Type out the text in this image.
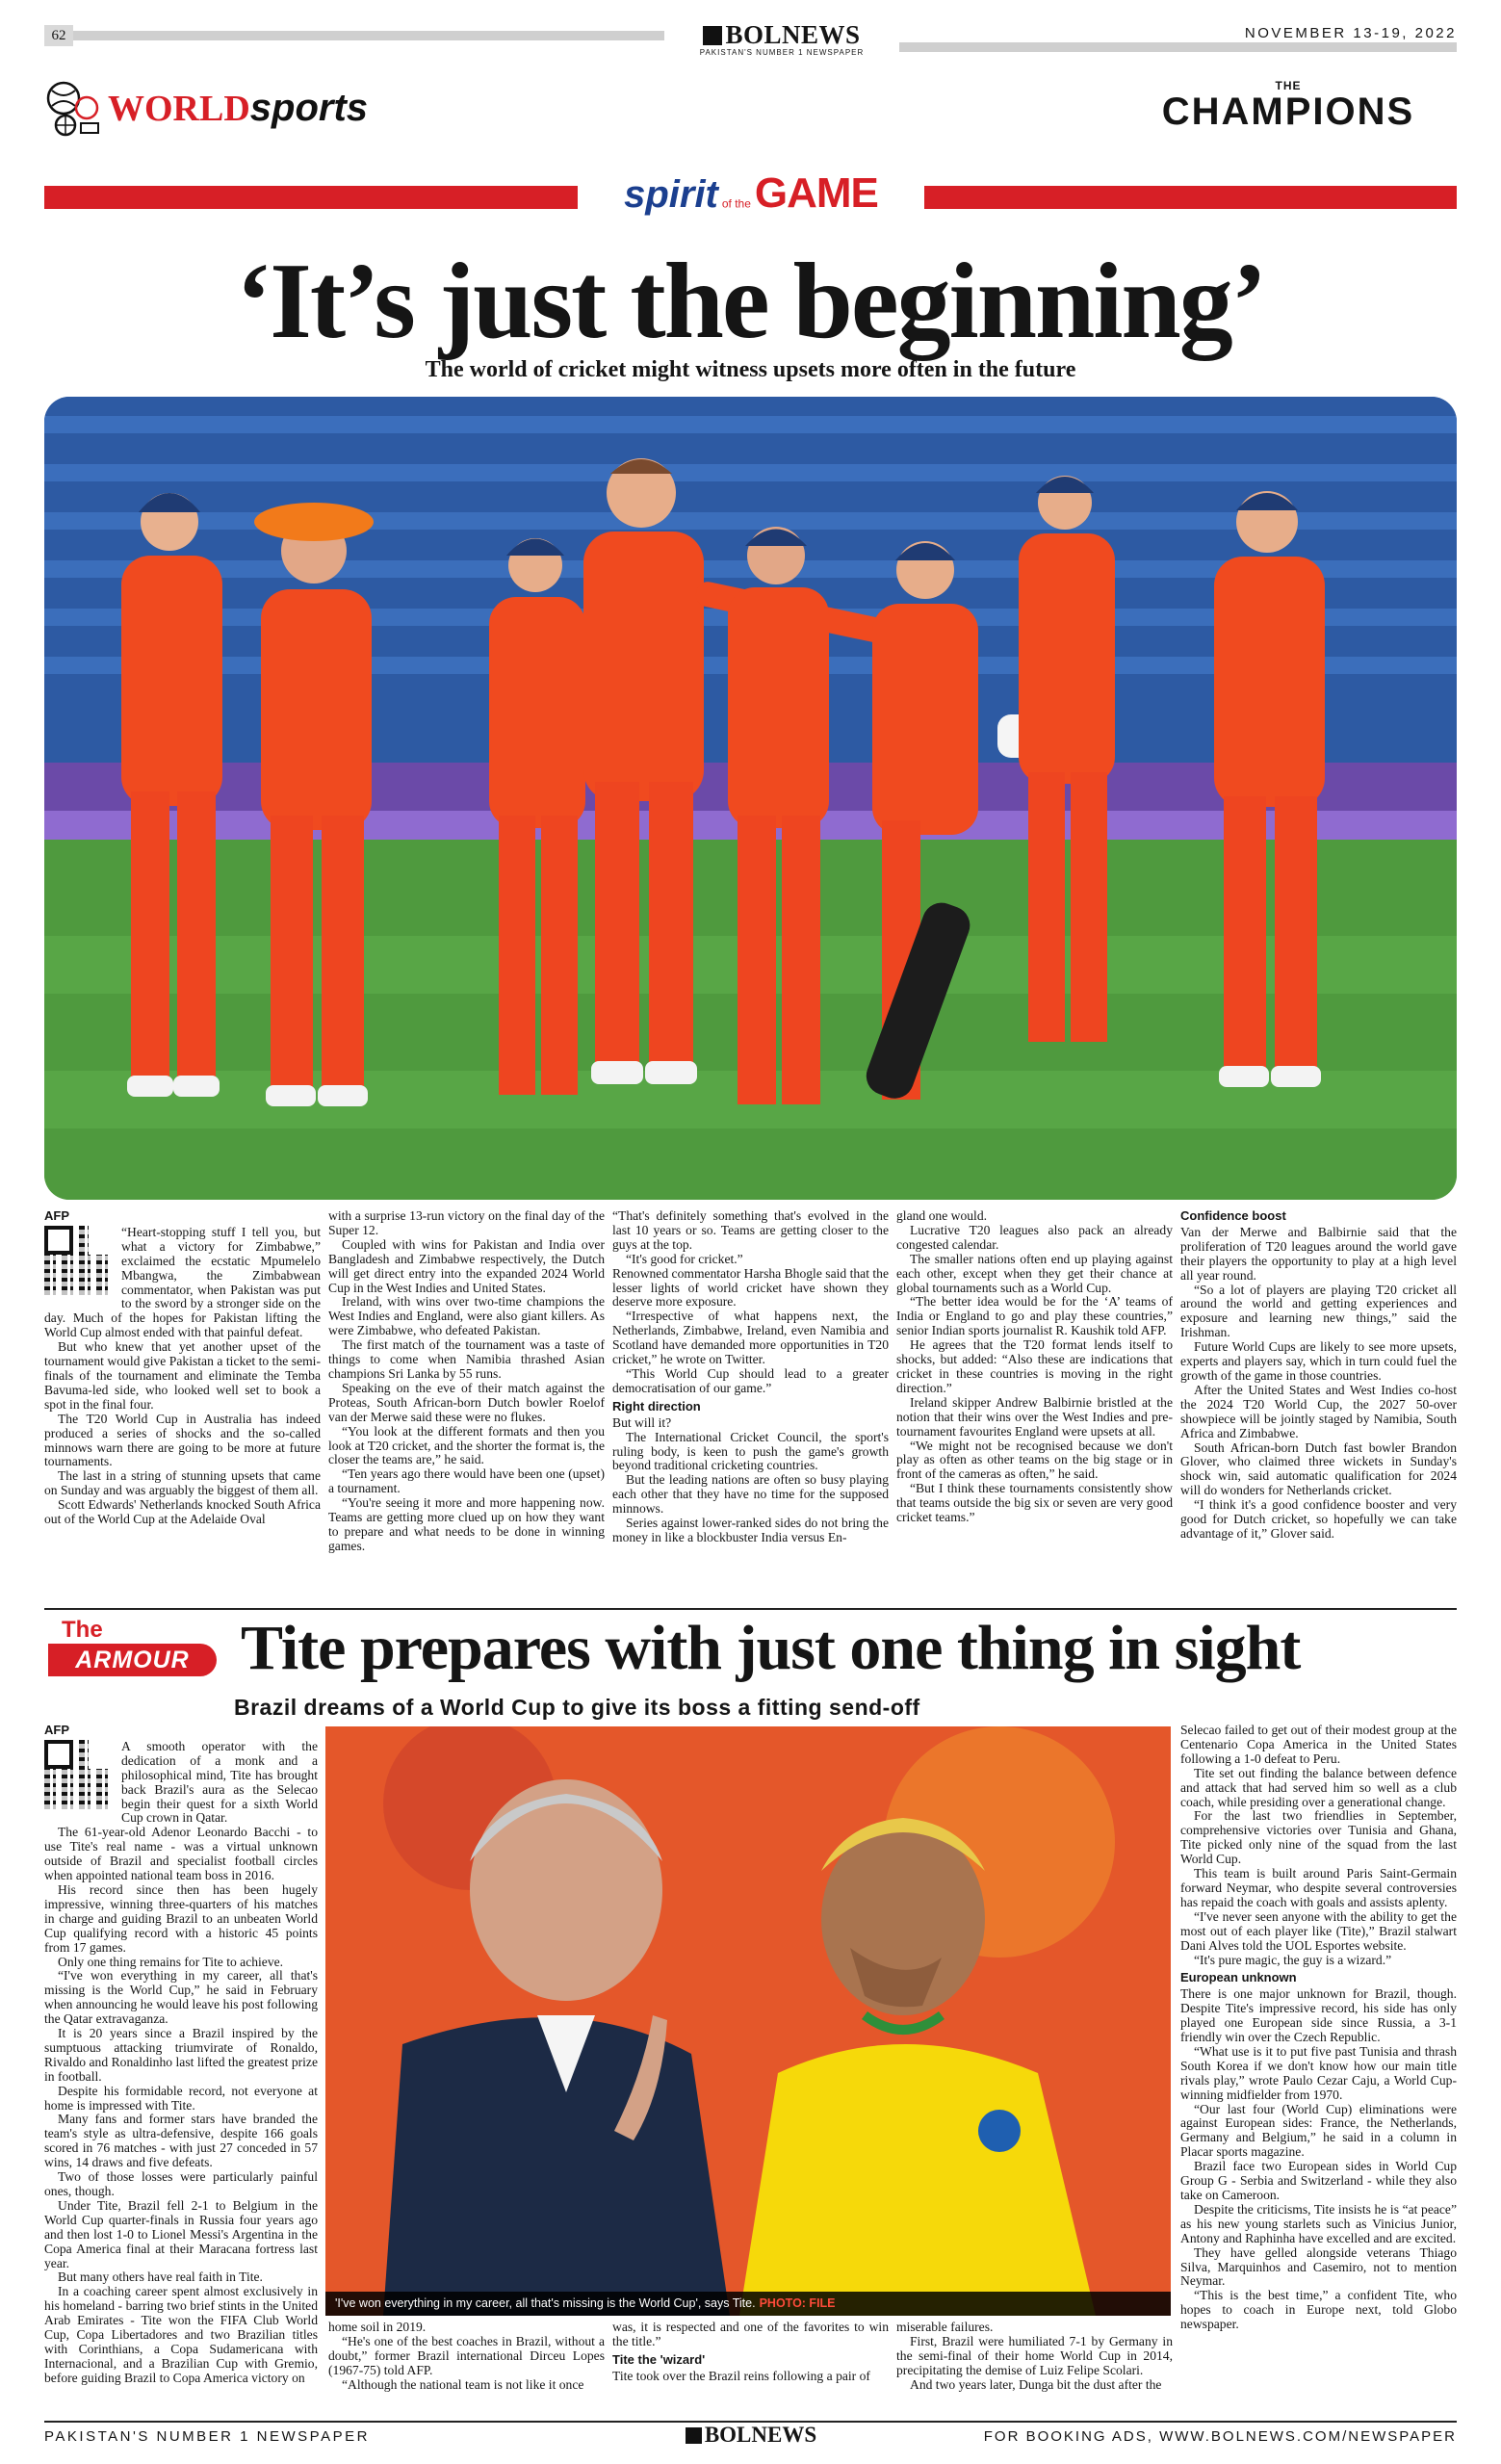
62	BOLNEWS
PAKISTAN'S NUMBER 1 NEWSPAPER
NOVEMBER 13-19, 2022
WORLDsports
THE
CHAMPIONS
spirit of the GAME
‘It’s just the beginning’
The world of cricket might witness upsets more often in the future
AFP

“Heart-stopping stuff I tell you, but what a victory for Zimbabwe,” exclaimed the ecstatic Mpumelelo Mbangwa, the Zimbabwean commentator, when Pakistan was put to the sword by a stronger side on the day. Much of the hopes for Pakistan lifting the World Cup almost ended with that painful defeat.

But who knew that yet another upset of the tournament would give Pakistan a ticket to the semi-finals of the tournament and eliminate the Temba Bavuma-led side, who looked well set to book a spot in the final four.

The T20 World Cup in Australia has indeed produced a series of shocks and the so-called minnows warn there are going to be more at future tournaments.

The last in a string of stunning upsets that came on Sunday and was arguably the biggest of them all.

Scott Edwards' Netherlands knocked South Africa out of the World Cup at the Adelaide Oval

with a surprise 13-run victory on the final day of the Super 12.

Coupled with wins for Pakistan and India over Bangladesh and Zimbabwe respectively, the Dutch will get direct entry into the expanded 2024 World Cup in the West Indies and United States.

Ireland, with wins over two-time champions the West Indies and England, were also giant killers. As were Zimbabwe, who defeated Pakistan.

The first match of the tournament was a taste of things to come when Namibia thrashed Asian champions Sri Lanka by 55 runs.

Speaking on the eve of their match against the Proteas, South African-born Dutch bowler Roelof van der Merwe said these were no flukes.

“You look at the different formats and then you look at T20 cricket, and the shorter the format is, the closer the teams are,” he said.

“Ten years ago there would have been one (upset) a tournament.

“You're seeing it more and more happening now. Teams are getting more clued up on how they want to prepare and what needs to be done in winning games.

“That's definitely something that's evolved in the last 10 years or so. Teams are getting closer to the guys at the top.

“It's good for cricket.”

Renowned commentator Harsha Bhogle said that the lesser lights of world cricket have shown they deserve more exposure.

“Irrespective of what happens next, the Netherlands, Zimbabwe, Ireland, even Namibia and Scotland have demanded more opportunities in T20 cricket,” he wrote on Twitter.

“This World Cup should lead to a greater democratisation of our game.”

Right direction

But will it?

The International Cricket Council, the sport's ruling body, is keen to push the game's growth beyond traditional cricketing countries.

But the leading nations are often so busy playing each other that they have no time for the supposed minnows.

Series against lower-ranked sides do not bring the money in like a blockbuster India versus En-

gland one would.

Lucrative T20 leagues also pack an already congested calendar.

The smaller nations often end up playing against each other, except when they get their chance at global tournaments such as a World Cup.

“The better idea would be for the ‘A’ teams of India or England to go and play these countries,” senior Indian sports journalist R. Kaushik told AFP.

He agrees that the T20 format lends itself to shocks, but added: “Also these are indications that cricket in these countries is moving in the right direction.”

Ireland skipper Andrew Balbirnie bristled at the notion that their wins over the West Indies and pre-tournament favourites England were upsets at all.

“We might not be recognised because we don't play as often as other teams on the big stage or in front of the cameras as often,” he said.

“But I think these tournaments consistently show that teams outside the big six or seven are very good cricket teams.”

Confidence boost

Van der Merwe and Balbirnie said that the proliferation of T20 leagues around the world gave their players the opportunity to play at a high level all year round.

“So a lot of players are playing T20 cricket all around the world and getting experiences and exposure and learning new things,” said the Irishman.

Future World Cups are likely to see more upsets, experts and players say, which in turn could fuel the growth of the game in those countries.

After the United States and West Indies co-host the 2024 T20 World Cup, the 2027 50-over showpiece will be jointly staged by Namibia, South Africa and Zimbabwe.

South African-born Dutch fast bowler Brandon Glover, who claimed three wickets in Sunday's shock win, said automatic qualification for 2024 will do wonders for Netherlands cricket.

“I think it's a good confidence booster and very good for Dutch cricket, so hopefully we can take advantage of it,” Glover said.

The
ARMOUR Tite prepares with just one thing in sight
Brazil dreams of a World Cup to give its boss a fitting send-off
'I've won everything in my career, all that's missing is the World Cup', says Tite. PHOTO: FILE
AFP

A smooth operator with the dedication of a monk and a philosophical mind, Tite has brought back Brazil's aura as the Selecao begin their quest for a sixth World Cup crown in Qatar.

The 61-year-old Adenor Leonardo Bacchi - to use Tite's real name - was a virtual unknown outside of Brazil and specialist football circles when appointed national team boss in 2016.

His record since then has been hugely impressive, winning three-quarters of his matches in charge and guiding Brazil to an unbeaten World Cup qualifying record with a historic 45 points from 17 games.

Only one thing remains for Tite to achieve.

“I've won everything in my career, all that's missing is the World Cup,” he said in February when announcing he would leave his post following the Qatar extravaganza.

It is 20 years since a Brazil inspired by the sumptuous attacking triumvirate of Ronaldo, Rivaldo and Ronaldinho last lifted the greatest prize in football.

Despite his formidable record, not everyone at home is impressed with Tite.

Many fans and former stars have branded the team's style as ultra-defensive, despite 166 goals scored in 76 matches - with just 27 conceded in 57 wins, 14 draws and five defeats.

Two of those losses were particularly painful ones, though.

Under Tite, Brazil fell 2-1 to Belgium in the World Cup quarter-finals in Russia four years ago and then lost 1-0 to Lionel Messi's Argentina in the Copa America final at their Maracana fortress last year.

But many others have real faith in Tite.

In a coaching career spent almost exclusively in his homeland - barring two brief stints in the United Arab Emirates - Tite won the FIFA Club World Cup, Copa Libertadores and two Brazilian titles with Corinthians, a Copa Sudamericana with Internacional, and a Brazilian Cup with Gremio, before guiding Brazil to Copa America victory on

home soil in 2019.

“He's one of the best coaches in Brazil, without a doubt,” former Brazil international Dirceu Lopes (1967-75) told AFP.

“Although the national team is not like it once

was, it is respected and one of the favorites to win the title.”

Tite the 'wizard'

Tite took over the Brazil reins following a pair of

miserable failures.

First, Brazil were humiliated 7-1 by Germany in the semi-final of their home World Cup in 2014, precipitating the demise of Luiz Felipe Scolari.

And two years later, Dunga bit the dust after the

Selecao failed to get out of their modest group at the Centenario Copa America in the United States following a 1-0 defeat to Peru.

Tite set out finding the balance between defence and attack that had served him so well as a club coach, while presiding over a generational change.

For the last two friendlies in September, comprehensive victories over Tunisia and Ghana, Tite picked only nine of the squad from the last World Cup.

This team is built around Paris Saint-Germain forward Neymar, who despite several controversies has repaid the coach with goals and assists aplenty.

“I've never seen anyone with the ability to get the most out of each player like (Tite),” Brazil stalwart Dani Alves told the UOL Esportes website.

“It's pure magic, the guy is a wizard.”

European unknown

There is one major unknown for Brazil, though. Despite Tite's impressive record, his side has only played one European side since Russia, a 3-1 friendly win over the Czech Republic.

“What use is it to put five past Tunisia and thrash South Korea if we don't know how our main title rivals play,” wrote Paulo Cezar Caju, a World Cup-winning midfielder from 1970.

“Our last four (World Cup) eliminations were against European sides: France, the Netherlands, Germany and Belgium,” he said in a column in Placar sports magazine.

Brazil face two European sides in World Cup Group G - Serbia and Switzerland - while they also take on Cameroon.

Despite the criticisms, Tite insists he is “at peace” as his new young starlets such as Vinicius Junior, Antony and Raphinha have excelled and are excited.

They have gelled alongside veterans Thiago Silva, Marquinhos and Casemiro, not to mention Neymar.

“This is the best time,” a confident Tite, who hopes to coach in Europe next, told Globo newspaper.

PAKISTAN'S NUMBER 1 NEWSPAPER	BOLNEWS	FOR BOOKING ADS, WWW.BOLNEWS.COM/NEWSPAPER
